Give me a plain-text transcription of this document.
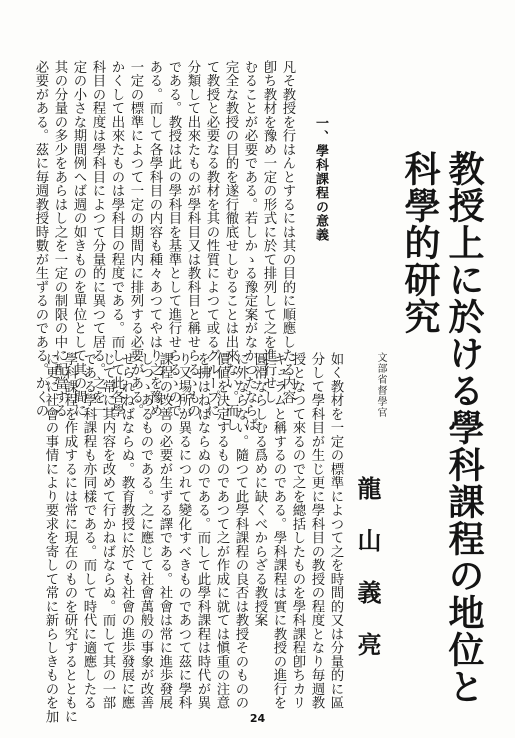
教授上に於ける學科課程の地位と
科學的研究
文部省督學官
龍山義亮
一、學科課程の意義
凡そ教授を行はんとするには其の目的に順應したる内容
卽ち教材を豫め一定の形式に於て排列して之を進行せし
むることが必要である。若しかゝる豫定案がなかつたならば
完全な教授の目的を遂行徹底せしむることは出來ない。而し
て教授と必要なる教材を其の性質によつて或るグループに
分類して出來たものが學科目又は教科目と稱せらるゝもの
である。教授は此の學科目を基準として進行せらるゝので
ある。而して各學科目の内容も種々あつてやはり之を豫め
一定の標準によつて一定の期間内に排列する必要がある。
かくして出來たものは學科目の程度である。而して此各學
科目の程度は學科目によつて分量的に異つて居る。之を一
定の小さな期間例へば週の如きものを單位として其の間に
其の分量の多少をあらはし之を一定の制限の中に配當する
必要がある。茲に毎週教授時數が生ずるのである。かくの
如く教材を一定の標準によつて之を時間的又は分量的に區
分して學科目が生じ更に學科目の教授の程度となり毎週教
授となつて來るので之を總括したものを學科課程卽ちカリ
キュラムと稱するのである。學科課程は實に教授の進行を
圓滑ならしむる爲めに缺くべからざる教授案
に外ならない。隨つて此學科課程の良否は教授そのものの
價値を決定するものであつて之が作成に就ては愼重の注意
を拂はねばならぬのである。而して此學科課程は時代が異
り又場所が異るにつれて變化すべきものであつて茲に學科
課程の改善の必要が生ずる譯である。社會は常に進歩發展
しつゝあるものである。之に應じて社會萬般の事象が改善
せられねばならぬ。教育教授に於ても社會の進歩發展に應
じて常に其内容を改めて行かねばならぬ。而して其の一部
である學科課程も亦同樣である。而して時代に適應したる
學科課程を作成するには常に現在のものを研究するとともに
に更に社會の事情により要求を寄して常に新らしきものを加	24
